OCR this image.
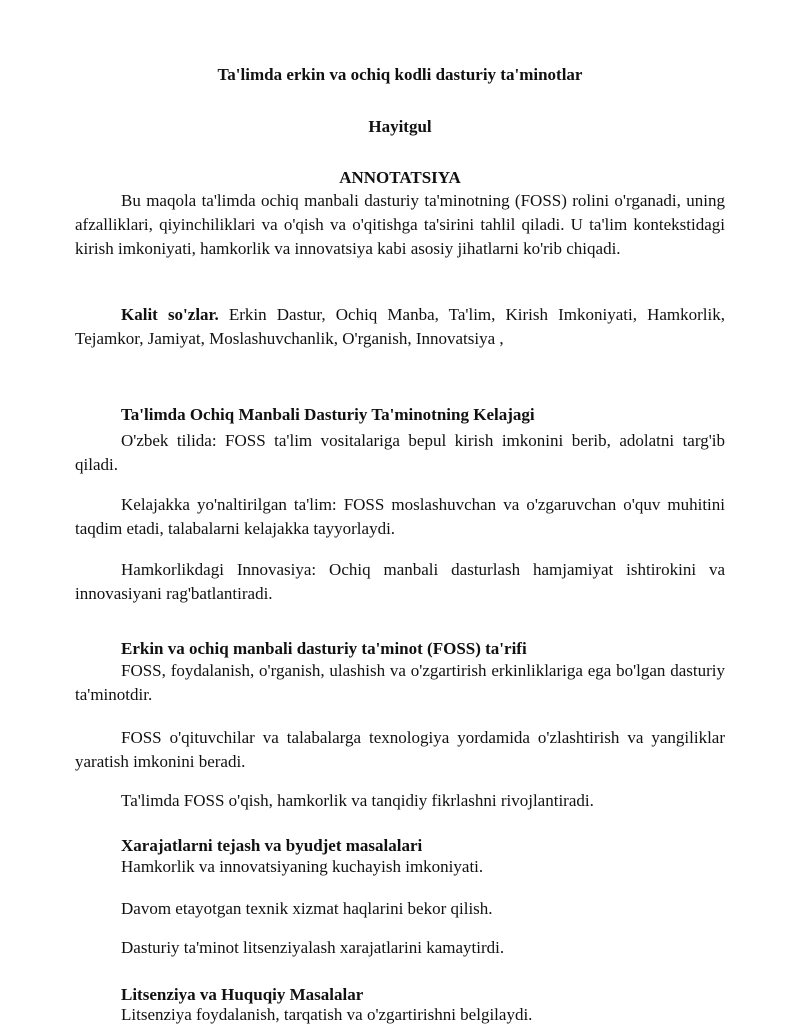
Ta'limda erkin va ochiq kodli dasturiy ta'minotlar
Hayitgul
ANNOTATSIYA

Bu maqola ta'limda ochiq manbali dasturiy ta'minotning (FOSS) rolini o'rganadi, uning afzalliklari, qiyinchiliklari va o'qish va o'qitishga ta'sirini tahlil qiladi. U ta'lim kontekstidagi kirish imkoniyati, hamkorlik va innovatsiya kabi asosiy jihatlarni ko'rib chiqadi.

Kalit so'zlar. Erkin Dastur, Ochiq Manba, Ta'lim, Kirish Imkoniyati, Hamkorlik, Tejamkor, Jamiyat, Moslashuvchanlik, O'rganish, Innovatsiya ,

Ta'limda Ochiq Manbali Dasturiy Ta'minotning Kelajagi

O'zbek tilida: FOSS ta'lim vositalariga bepul kirish imkonini berib, adolatni targ'ib qiladi.

Kelajakka yo'naltirilgan ta'lim: FOSS moslashuvchan va o'zgaruvchan o'quv muhitini taqdim etadi, talabalarni kelajakka tayyorlaydi.

Hamkorlikdagi Innovasiya: Ochiq manbali dasturlash hamjamiyat ishtirokini va innovasiyani rag'batlantiradi.

Erkin va ochiq manbali dasturiy ta'minot (FOSS) ta'rifi

FOSS, foydalanish, o'rganish, ulashish va o'zgartirish erkinliklariga ega bo'lgan dasturiy ta'minotdir.

FOSS o'qituvchilar va talabalarga texnologiya yordamida o'zlashtirish va yangiliklar yaratish imkonini beradi.

Ta'limda FOSS o'qish, hamkorlik va tanqidiy fikrlashni rivojlantiradi.

Xarajatlarni tejash va byudjet masalalari
Hamkorlik va innovatsiyaning kuchayish imkoniyati.
Davom etayotgan texnik xizmat haqlarini bekor qilish.
Dasturiy ta'minot litsenziyalash xarajatlarini kamaytirdi.
Litsenziya va Huquqiy Masalalar
Litsenziya foydalanish, tarqatish va o'zgartirishni belgilaydi.
